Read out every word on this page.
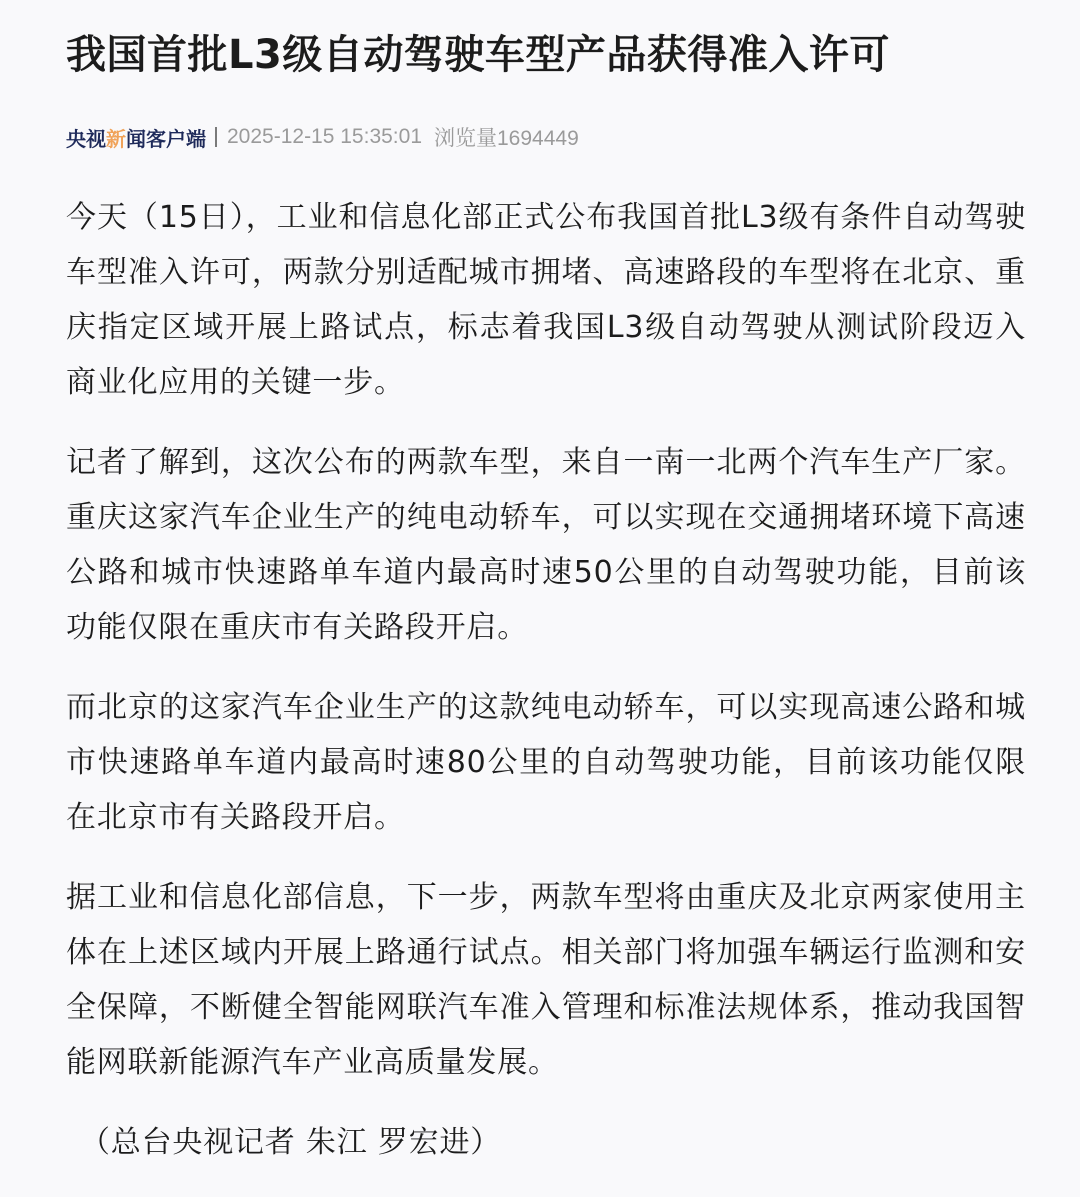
我国首批L3级自动驾驶车型产品获得准入许可
央视新闻客户端 2025-12-15 15:35:01 浏览量1694449

今天（15日），工业和信息化部正式公布我国首批L3级有条件自动驾驶车型准入许可，两款分别适配城市拥堵、高速路段的车型将在北京、重庆指定区域开展上路试点，标志着我国L3级自动驾驶从测试阶段迈入商业化应用的关键一步。

记者了解到，这次公布的两款车型，来自一南一北两个汽车生产厂家。重庆这家汽车企业生产的纯电动轿车，可以实现在交通拥堵环境下高速公路和城市快速路单车道内最高时速50公里的自动驾驶功能，目前该功能仅限在重庆市有关路段开启。

而北京的这家汽车企业生产的这款纯电动轿车，可以实现高速公路和城市快速路单车道内最高时速80公里的自动驾驶功能，目前该功能仅限在北京市有关路段开启。

据工业和信息化部信息，下一步，两款车型将由重庆及北京两家使用主体在上述区域内开展上路通行试点。相关部门将加强车辆运行监测和安全保障，不断健全智能网联汽车准入管理和标准法规体系，推动我国智能网联新能源汽车产业高质量发展。

（总台央视记者 朱江 罗宏进）
